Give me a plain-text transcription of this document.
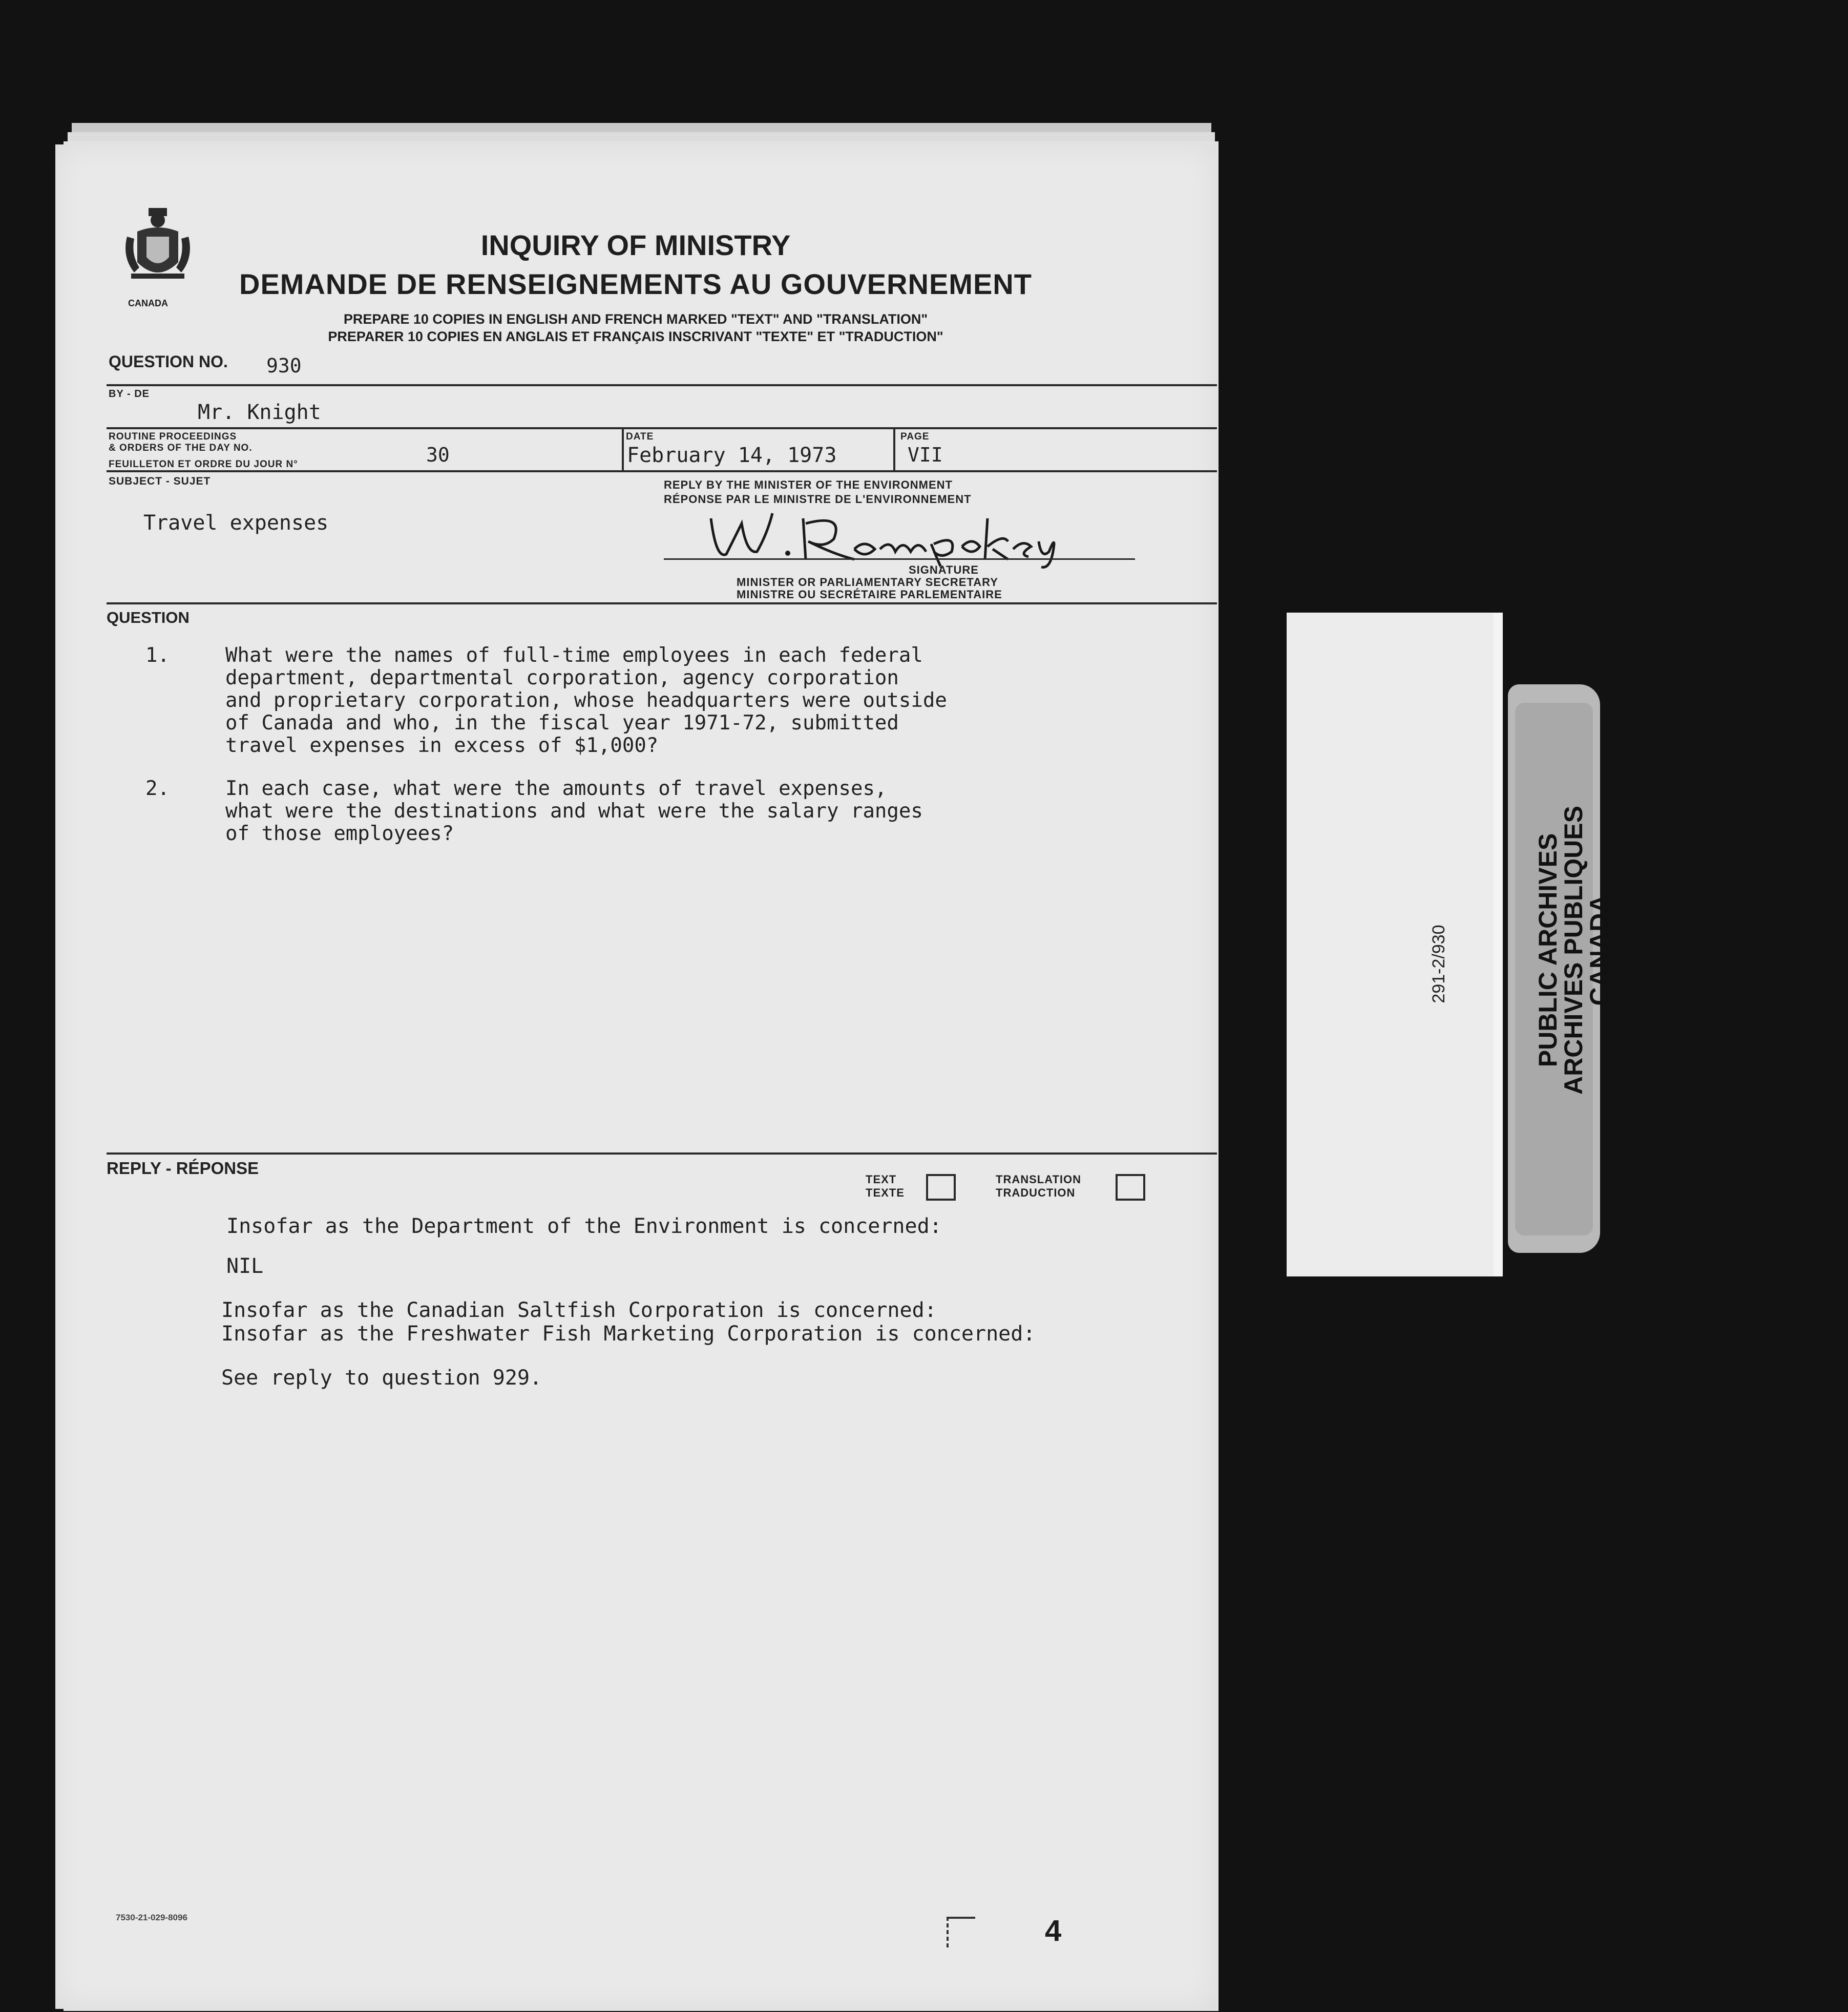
CANADA
INQUIRY OF MINISTRY
DEMANDE DE RENSEIGNEMENTS AU GOUVERNEMENT
PREPARE 10 COPIES IN ENGLISH AND FRENCH MARKED "TEXT" AND "TRANSLATION"
PREPARER 10 COPIES EN ANGLAIS ET FRANÇAIS INSCRIVANT "TEXTE" ET "TRADUCTION"
QUESTION NO. 930
BY - DE
Mr. Knight
ROUTINE PROCEEDINGS
& ORDERS OF THE DAY NO.
FEUILLETON ET ORDRE DU JOUR N°	30
DATE
February 14, 1973
PAGE
VII
SUBJECT - SUJET
Travel expenses
REPLY BY THE MINISTER OF THE ENVIRONMENT
RÉPONSE PAR LE MINISTRE DE L'ENVIRONNEMENT
SIGNATURE
MINISTER OR PARLIAMENTARY SECRETARY
MINISTRE OU SECRÉTAIRE PARLEMENTAIRE
QUESTION
1.	What were the names of full-time employees in each federal
department, departmental corporation, agency corporation
and proprietary corporation, whose headquarters were outside
of Canada and who, in the fiscal year 1971-72, submitted
travel expenses in excess of $1,000?
2.	In each case, what were the amounts of travel expenses,
what were the destinations and what were the salary ranges
of those employees?
REPLY - RÉPONSE
TEXT
TEXTE
TRANSLATION
TRADUCTION
Insofar as the Department of the Environment is concerned:
NIL
Insofar as the Canadian Saltfish Corporation is concerned:
Insofar as the Freshwater Fish Marketing Corporation is concerned:
See reply to question 929.
7530-21-029-8096	4
291-2/930	PUBLIC ARCHIVES
ARCHIVES PUBLIQUES
CANADA
